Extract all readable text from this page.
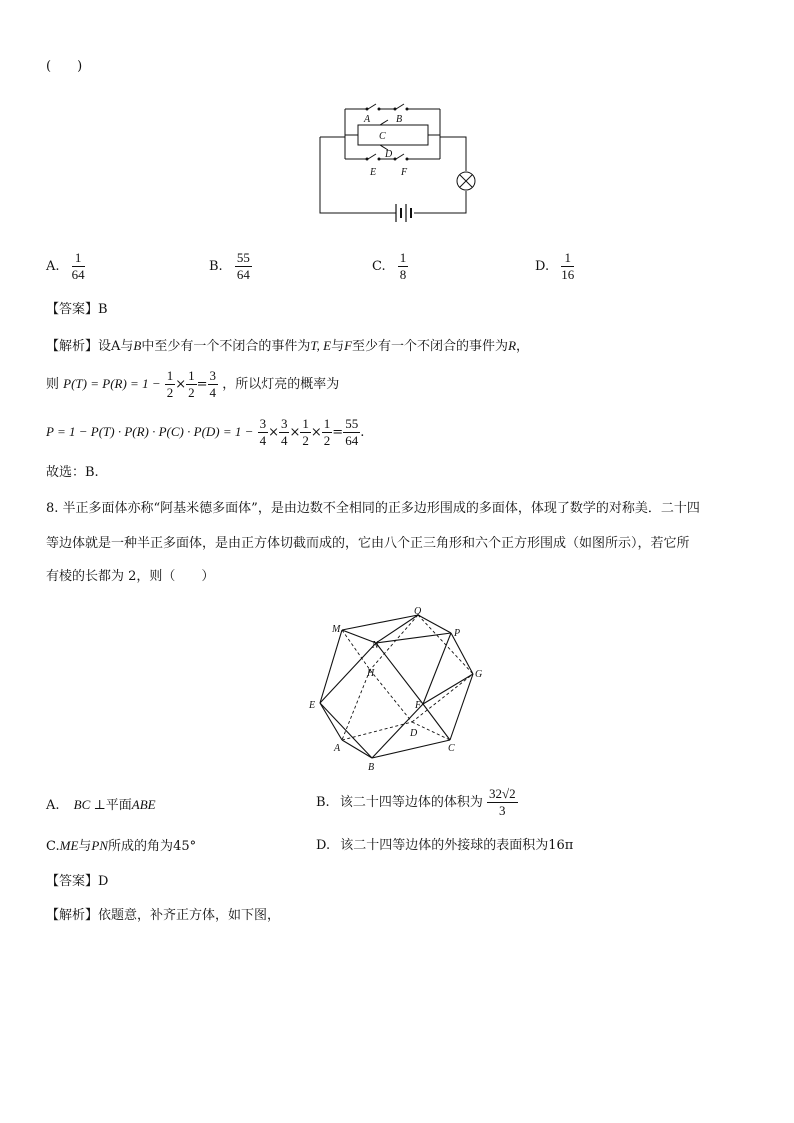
(　　)
A	B
C
D
E F
A. $\frac{1}{64}$	B. $\frac{55}{64}$	C. $\frac{1}{8}$	D. $\frac{1}{16}$
【答案】B
【解析】设A与B中至少有一个不闭合的事件为T, E与F至少有一个不闭合的事件为R，
则 $P(T) = P(R) = 1 - \frac{1}{2} \times \frac{1}{2} = \frac{3}{4}$ ，所以灯亮的概率为
$P = 1 - P(T) \cdot P(R) \cdot P(C) \cdot P(D) = 1 - \frac{3}{4} \times \frac{3}{4} \times \frac{1}{2} \times \frac{1}{2} = \frac{55}{64}$ .
故选：B.
8. 半正多面体亦称“阿基米德多面体”，是由边数不全相同的正多边形围成的多面体，体现了数学的对称美．二十四
等边体就是一种半正多面体，是由正方体切截而成的，它由八个正三角形和六个正方形围成（如图所示），若它所
有棱的长都为 2，则（　　）
M
Q
N
P
H	G
E	F
D
A	C
B
A. BC ⊥平面ABE	B. 该二十四等边体的体积为 $\frac{32√2}{3}$
C.ME与PN所成的角为45°	D. 该二十四等边体的外接球的表面积为16π
【答案】D
【解析】依题意，补齐正方体，如下图，
